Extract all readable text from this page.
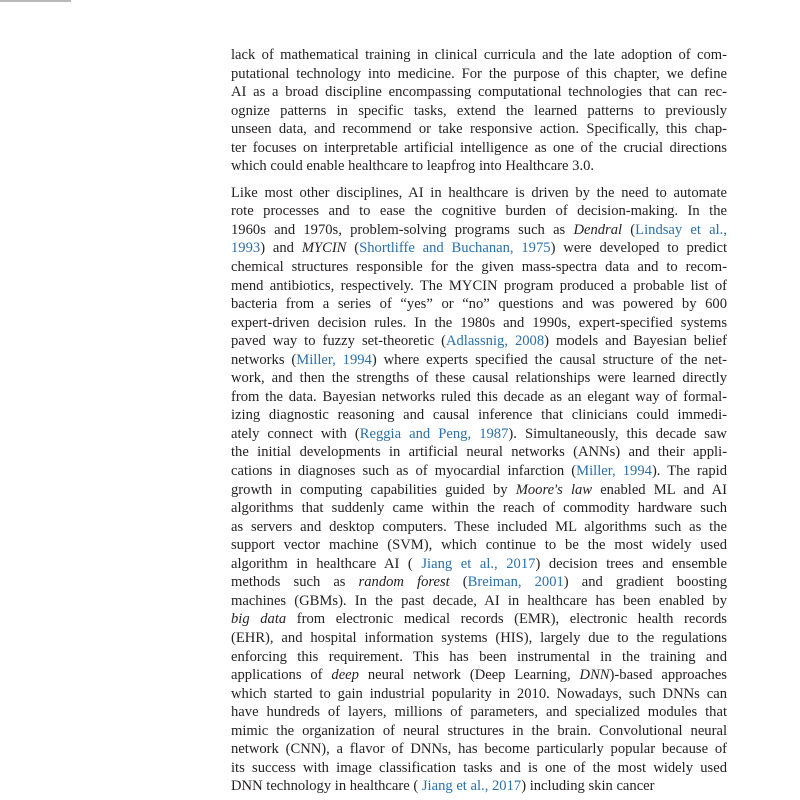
lack of mathematical training in clinical curricula and the late adoption of com-
putational technology into medicine. For the purpose of this chapter, we define
AI as a broad discipline encompassing computational technologies that can rec-
ognize patterns in specific tasks, extend the learned patterns to previously
unseen data, and recommend or take responsive action. Specifically, this chap-
ter focuses on interpretable artificial intelligence as one of the crucial directions
which could enable healthcare to leapfrog into Healthcare 3.0.

Like most other disciplines, AI in healthcare is driven by the need to automate
rote processes and to ease the cognitive burden of decision-making. In the
1960s and 1970s, problem-solving programs such as Dendral (Lindsay et al.,
1993) and MYCIN (Shortliffe and Buchanan, 1975) were developed to predict
chemical structures responsible for the given mass-spectra data and to recom-
mend antibiotics, respectively. The MYCIN program produced a probable list of
bacteria from a series of “yes” or “no” questions and was powered by 600
expert-driven decision rules. In the 1980s and 1990s, expert-specified systems
paved way to fuzzy set-theoretic (Adlassnig, 2008) models and Bayesian belief
networks (Miller, 1994) where experts specified the causal structure of the net-
work, and then the strengths of these causal relationships were learned directly
from the data. Bayesian networks ruled this decade as an elegant way of formal-
izing diagnostic reasoning and causal inference that clinicians could immedi-
ately connect with (Reggia and Peng, 1987). Simultaneously, this decade saw
the initial developments in artificial neural networks (ANNs) and their appli-
cations in diagnoses such as of myocardial infarction (Miller, 1994). The rapid
growth in computing capabilities guided by Moore's law enabled ML and AI
algorithms that suddenly came within the reach of commodity hardware such
as servers and desktop computers. These included ML algorithms such as the
support vector machine (SVM), which continue to be the most widely used
algorithm in healthcare AI ( Jiang et al., 2017) decision trees and ensemble
methods such as random forest (Breiman, 2001) and gradient boosting
machines (GBMs). In the past decade, AI in healthcare has been enabled by
big data from electronic medical records (EMR), electronic health records
(EHR), and hospital information systems (HIS), largely due to the regulations
enforcing this requirement. This has been instrumental in the training and
applications of deep neural network (Deep Learning, DNN)-based approaches
which started to gain industrial popularity in 2010. Nowadays, such DNNs can
have hundreds of layers, millions of parameters, and specialized modules that
mimic the organization of neural structures in the brain. Convolutional neural
network (CNN), a flavor of DNNs, has become particularly popular because of
its success with image classification tasks and is one of the most widely used
DNN technology in healthcare ( Jiang et al., 2017) including skin cancer
